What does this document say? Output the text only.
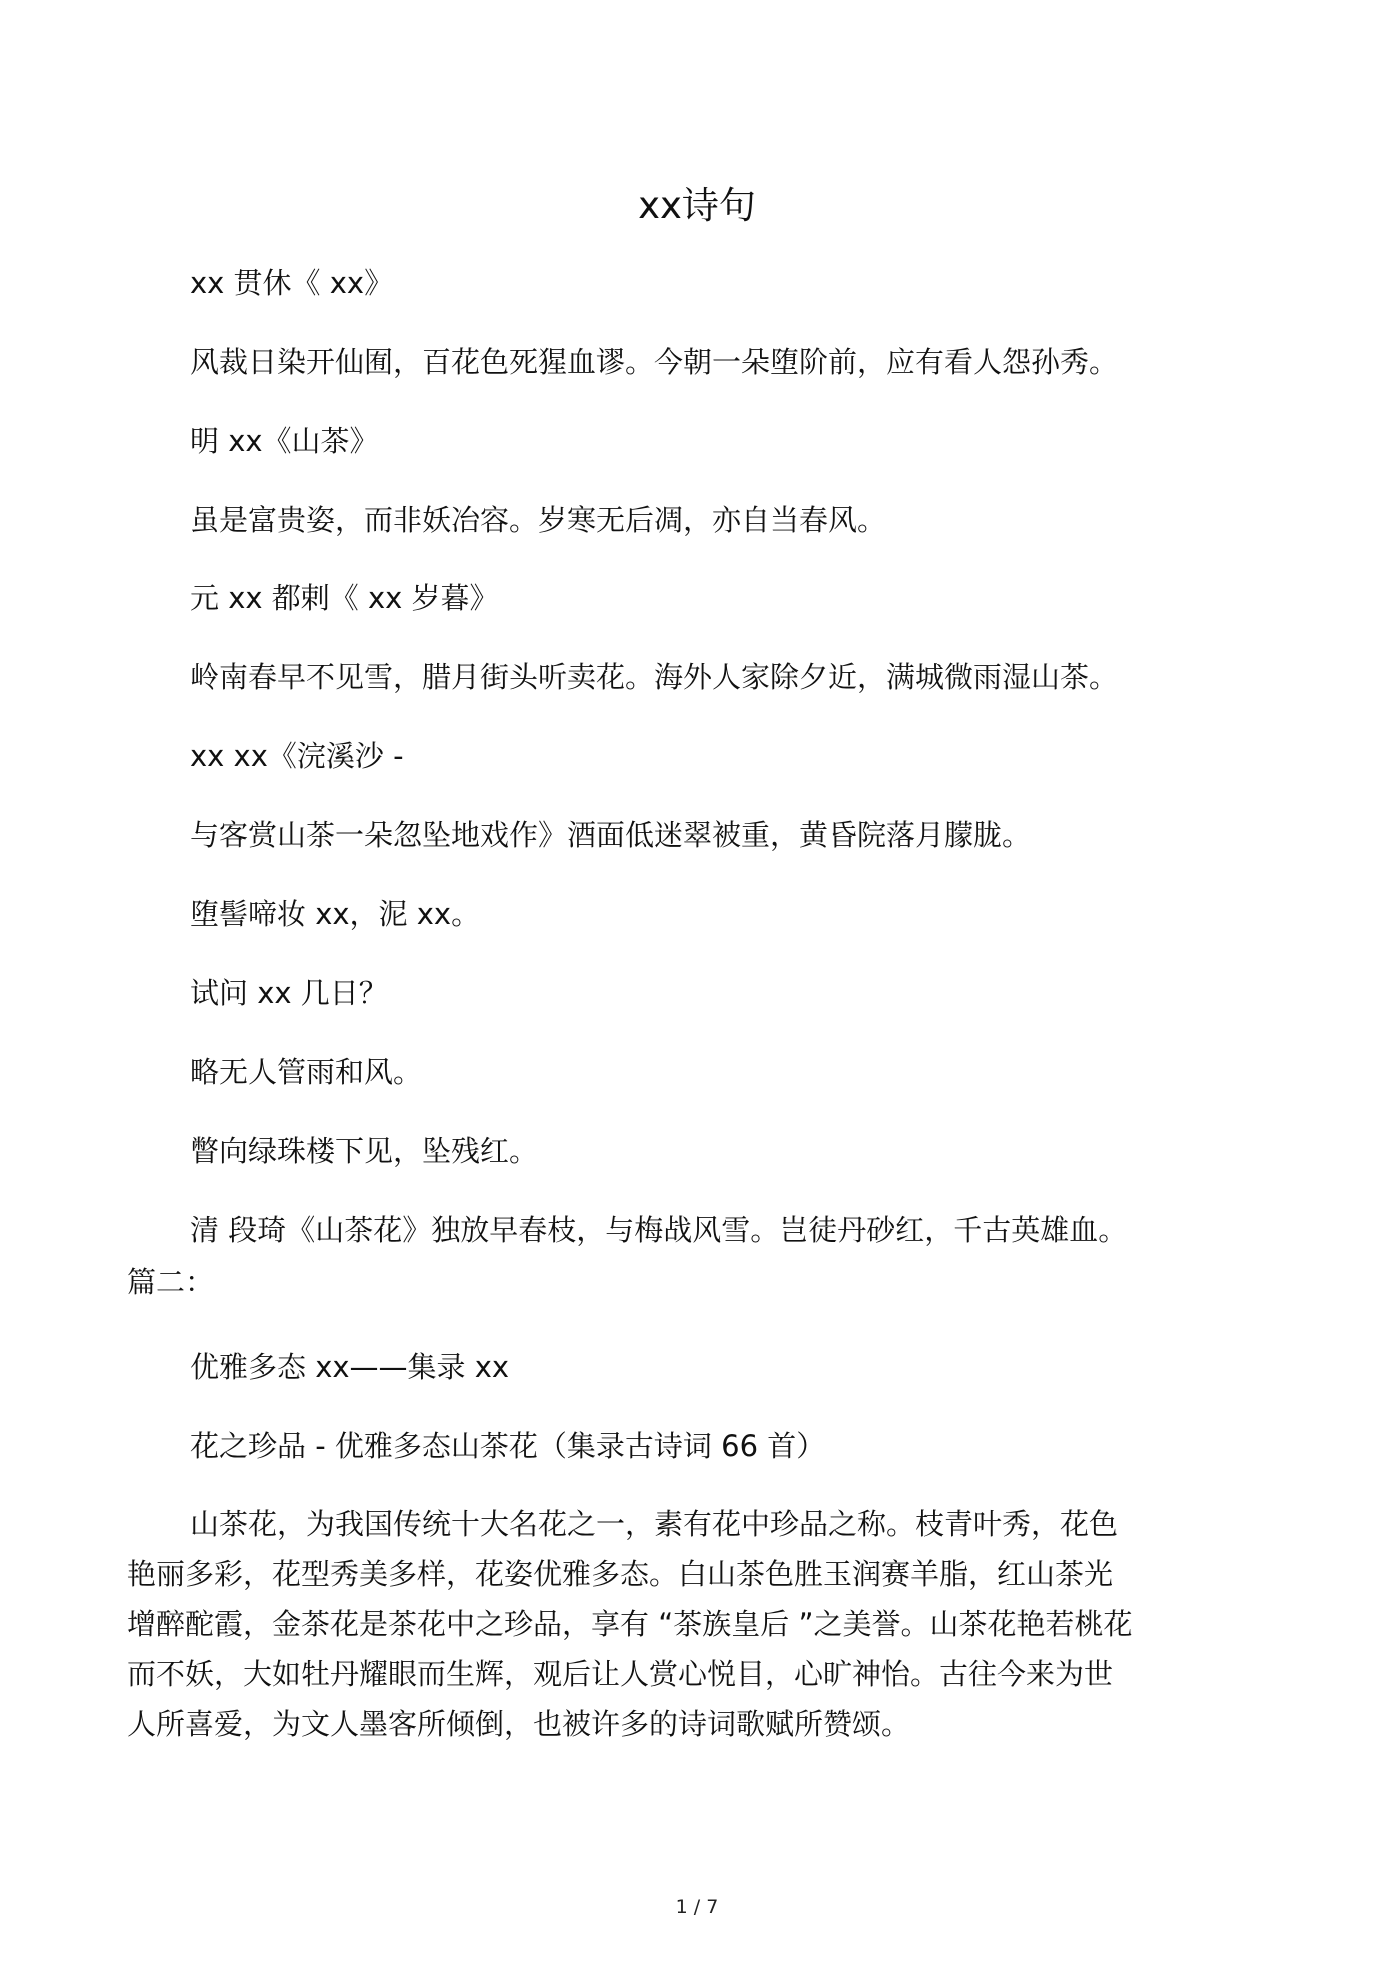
xx诗句

xx 贯休《 xx》

风裁日染开仙囿，百花色死猩血谬。今朝一朵堕阶前，应有看人怨孙秀。

明 xx《山茶》

虽是富贵姿，而非妖冶容。岁寒无后凋，亦自当春风。

元 xx 都剌《 xx 岁暮》

岭南春早不见雪，腊月街头听卖花。海外人家除夕近，满城微雨湿山茶。

xx xx《浣溪沙 -

与客赏山茶一朵忽坠地戏作》酒面低迷翠被重，黄昏院落月朦胧。

堕髻啼妆 xx，泥 xx。

试问 xx 几日？

略无人管雨和风。

瞥向绿珠楼下见，坠残红。

清 段琦《山茶花》独放早春枝，与梅战风雪。岂徒丹砂红，千古英雄血。

篇二：

优雅多态 xx——集录 xx

花之珍品 - 优雅多态山茶花（集录古诗词 66 首）

山茶花，为我国传统十大名花之一，素有花中珍品之称。枝青叶秀，花色
艳丽多彩，花型秀美多样，花姿优雅多态。白山茶色胜玉润赛羊脂，红山茶光
增醉酡霞，金茶花是茶花中之珍品，享有 “茶族皇后 ”之美誉。山茶花艳若桃花
而不妖，大如牡丹耀眼而生辉，观后让人赏心悦目，心旷神怡。古往今来为世
人所喜爱，为文人墨客所倾倒，也被许多的诗词歌赋所赞颂。
1 / 7
